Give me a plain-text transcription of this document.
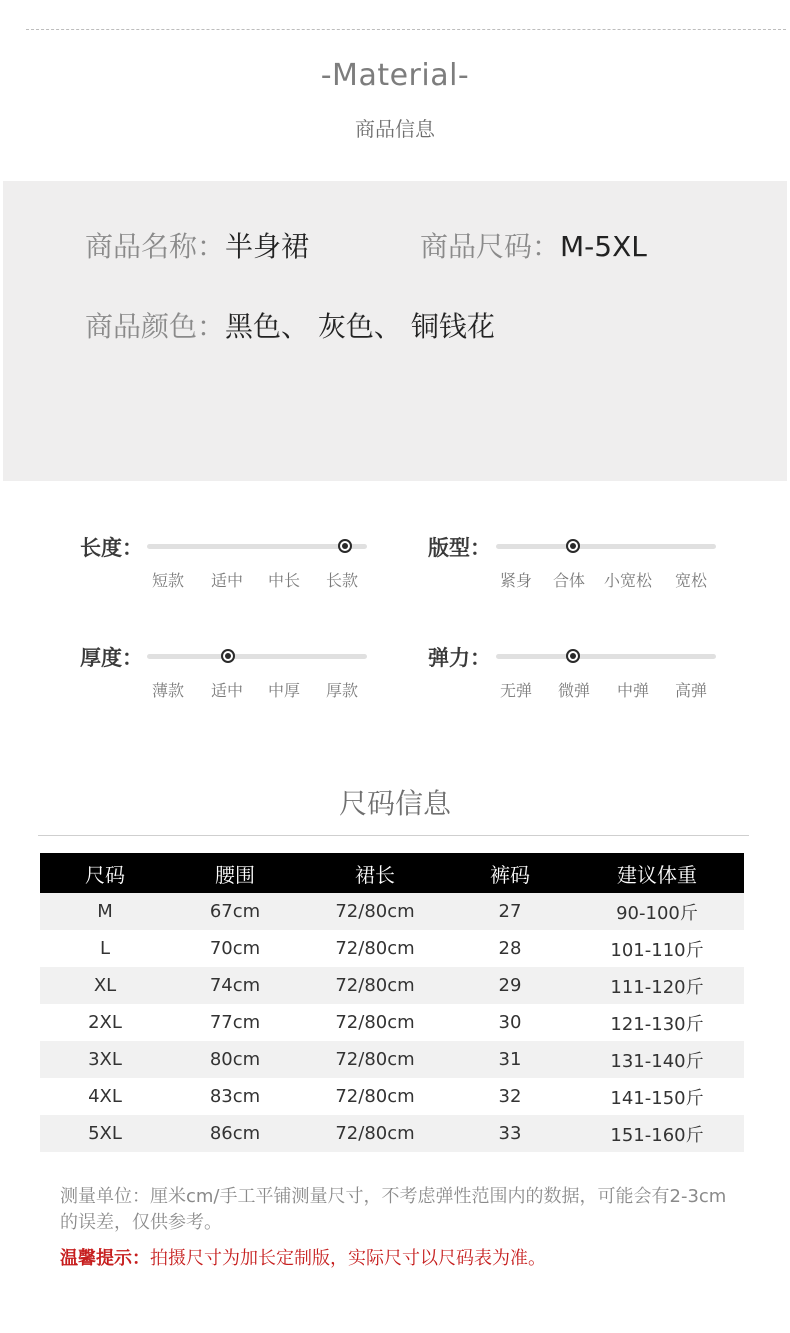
-Material-
商品信息
商品名称：半身裙	商品尺码：M-5XL
商品颜色：黑色、 灰色、 铜钱花
长度：
短款 适中 中长 长款
版型：
紧身 合体 小宽松 宽松
厚度：
薄款 适中 中厚 厚款
弹力：
无弹 微弹 中弹 高弹
尺码信息
尺码	腰围	裙长	裤码	建议体重
M	67cm	72/80cm	27	90-100斤
L	70cm	72/80cm	28	101-110斤
XL	74cm	72/80cm	29	111-120斤
2XL	77cm	72/80cm	30	121-130斤
3XL	80cm	72/80cm	31	131-140斤
4XL	83cm	72/80cm	32	141-150斤
5XL	86cm	72/80cm	33	151-160斤
测量单位：厘米cm/手工平铺测量尺寸，不考虑弹性范围内的数据，可能会有2-3cm的误差，仅供参考。
温馨提示：拍摄尺寸为加长定制版，实际尺寸以尺码表为准。
